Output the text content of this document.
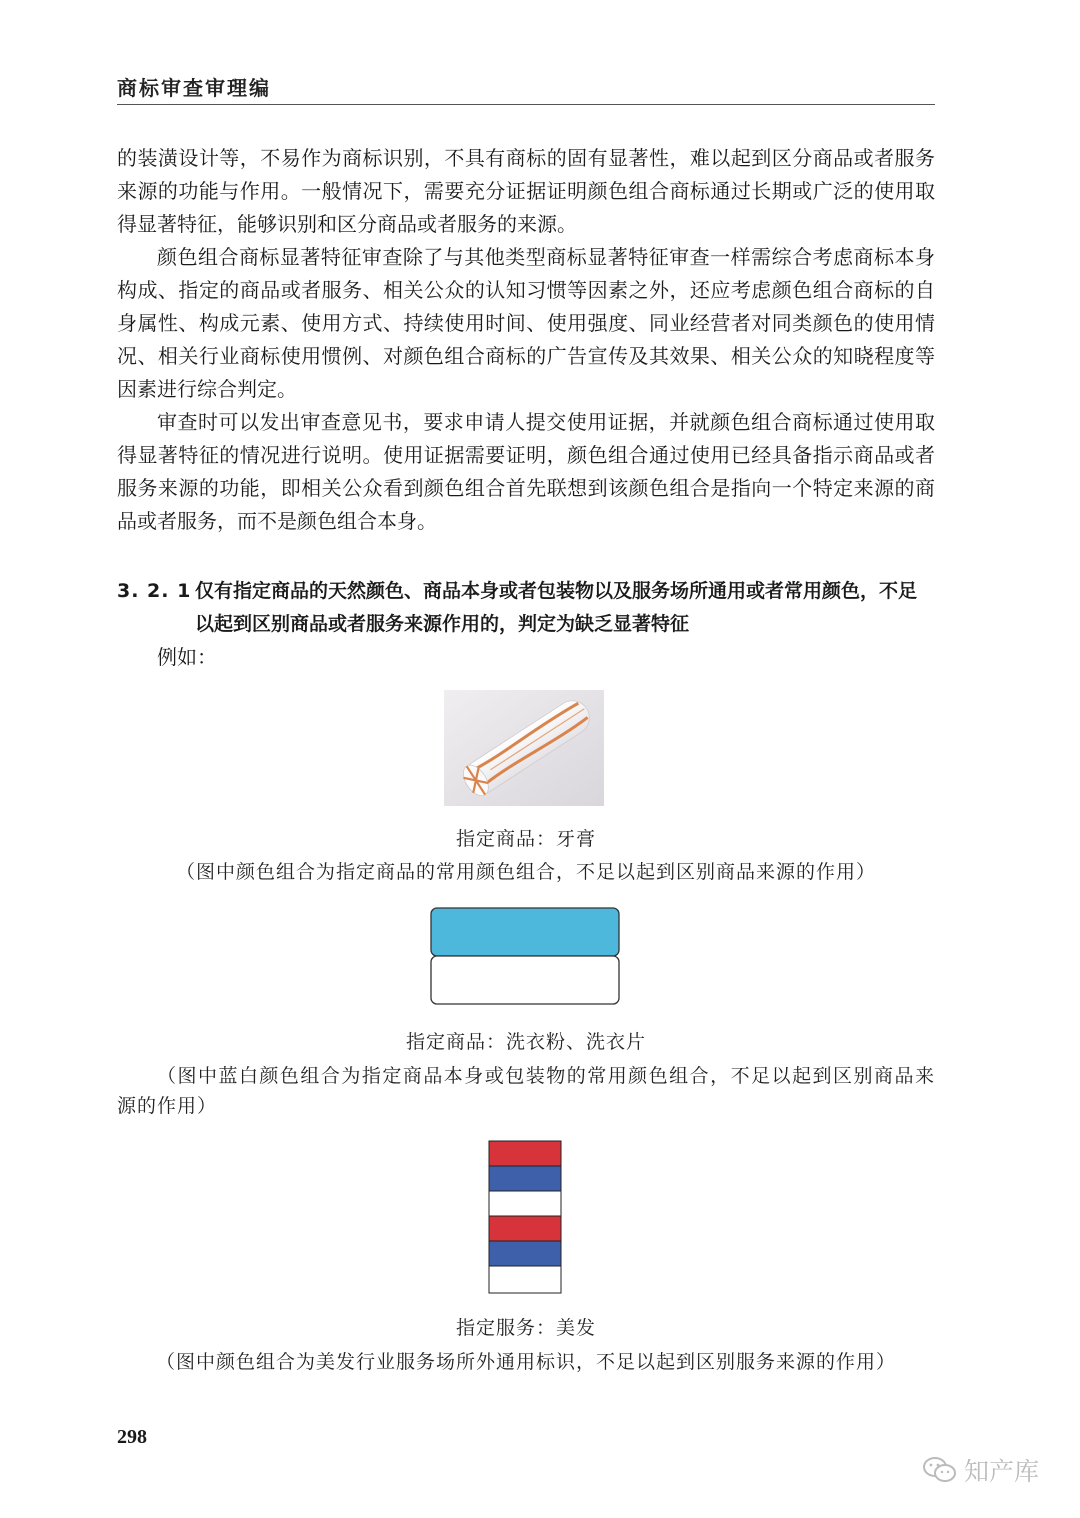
商标审查审理编

的装潢设计等，不易作为商标识别，不具有商标的固有显著性，难以起到区分商品或者服务来源的功能与作用。一般情况下，需要充分证据证明颜色组合商标通过长期或广泛的使用取得显著特征，能够识别和区分商品或者服务的来源。

颜色组合商标显著特征审查除了与其他类型商标显著特征审查一样需综合考虑商标本身构成、指定的商品或者服务、相关公众的认知习惯等因素之外，还应考虑颜色组合商标的自身属性、构成元素、使用方式、持续使用时间、使用强度、同业经营者对同类颜色的使用情况、相关行业商标使用惯例、对颜色组合商标的广告宣传及其效果、相关公众的知晓程度等因素进行综合判定。

审查时可以发出审查意见书，要求申请人提交使用证据，并就颜色组合商标通过使用取得显著特征的情况进行说明。使用证据需要证明，颜色组合通过使用已经具备指示商品或者服务来源的功能，即相关公众看到颜色组合首先联想到该颜色组合是指向一个特定来源的商品或者服务，而不是颜色组合本身。

3. 2. 1 仅有指定商品的天然颜色、商品本身或者包装物以及服务场所通用或者常用颜色，不足以起到区别商品或者服务来源作用的，判定为缺乏显著特征
例如：
指定商品：牙膏
（图中颜色组合为指定商品的常用颜色组合，不足以起到区别商品来源的作用）
指定商品：洗衣粉、洗衣片
（图中蓝白颜色组合为指定商品本身或包装物的常用颜色组合，不足以起到区别商品来源的作用）
指定服务：美发
（图中颜色组合为美发行业服务场所外通用标识，不足以起到区别服务来源的作用）
298
知产库
